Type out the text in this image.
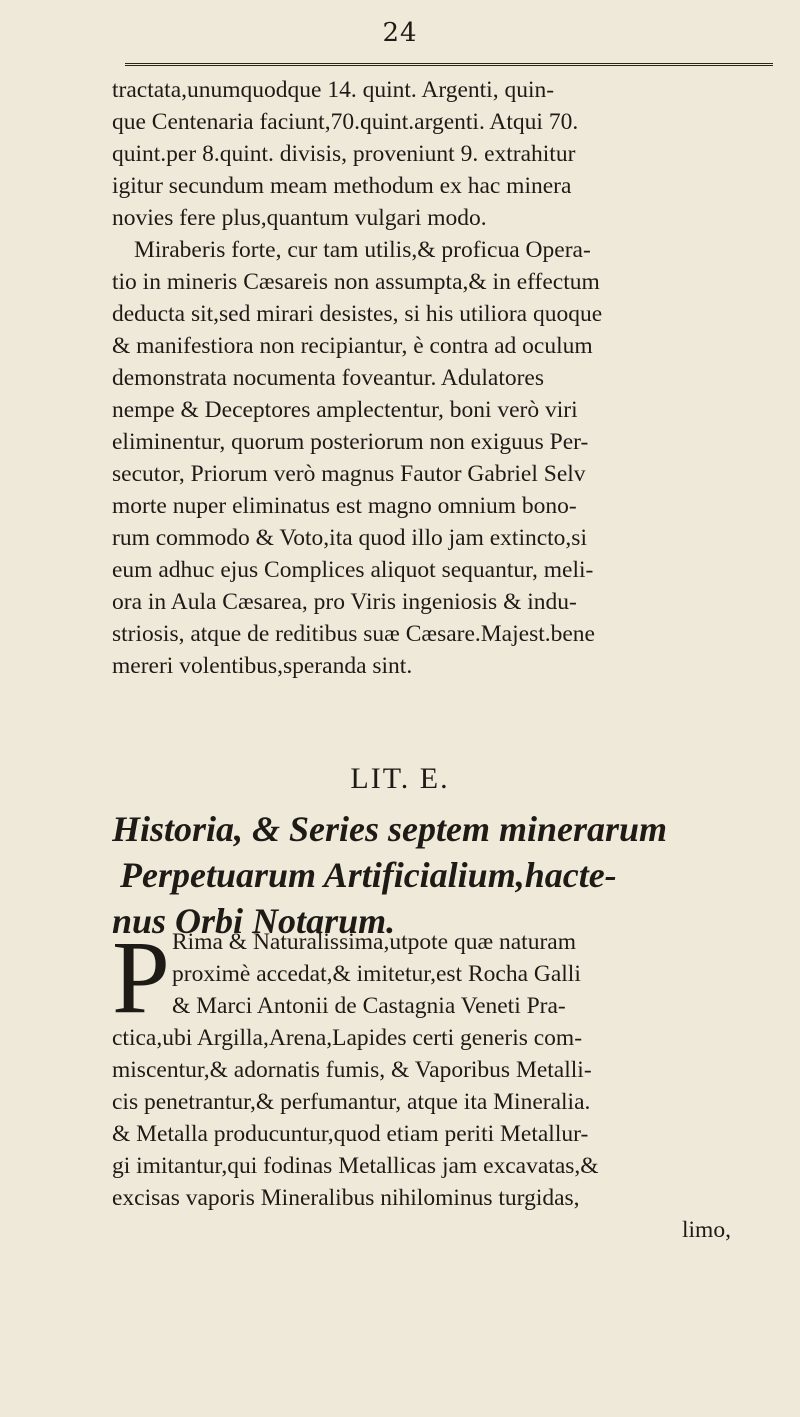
24
tractata,unumquodque 14. quint. Argenti, quin-
que Centenaria faciunt,70.quint.argenti. Atqui 70.
quint.per 8.quint. divisis, proveniunt 9. extrahitur
igitur secundum meam methodum ex hac minera
novies fere plus,quantum vulgari modo.
Miraberis forte, cur tam utilis,& proficua Opera-
tio in mineris Cæsareis non assumpta,& in effectum
deducta sit,sed mirari desistes, si his utiliora quoque
& manifestiora non recipiantur, è contra ad oculum
demonstrata nocumenta foveantur. Adulatores
nempe & Deceptores amplectentur, boni verò viri
eliminentur, quorum posteriorum non exiguus Per-
secutor, Priorum verò magnus Fautor Gabriel Selv
morte nuper eliminatus est magno omnium bono-
rum commodo & Voto,ita quod illo jam extincto,si
eum adhuc ejus Complices aliquot sequantur, meli-
ora in Aula Cæsarea, pro Viris ingeniosis & indu-
striosis, atque de reditibus suæ Cæsare.Majest.bene
mereri volentibus,speranda sint.
LIT. E.
Historia, & Series septem minerarum
Perpetuarum Artificialium,hacte-
nus Orbi Notarum.
P Rima & Naturalissima,utpote quæ naturam
proximè accedat,& imitetur,est Rocha Galli
& Marci Antonii de Castagnia Veneti Pra-
ctica,ubi Argilla,Arena,Lapides certi generis com-
miscentur,& adornatis fumis, & Vaporibus Metalli-
cis penetrantur,& perfumantur, atque ita Mineralia.
& Metalla producuntur,quod etiam periti Metallur-
gi imitantur,qui fodinas Metallicas jam excavatas,&
excisas vaporis Mineralibus nihilominus turgidas,
limo,
